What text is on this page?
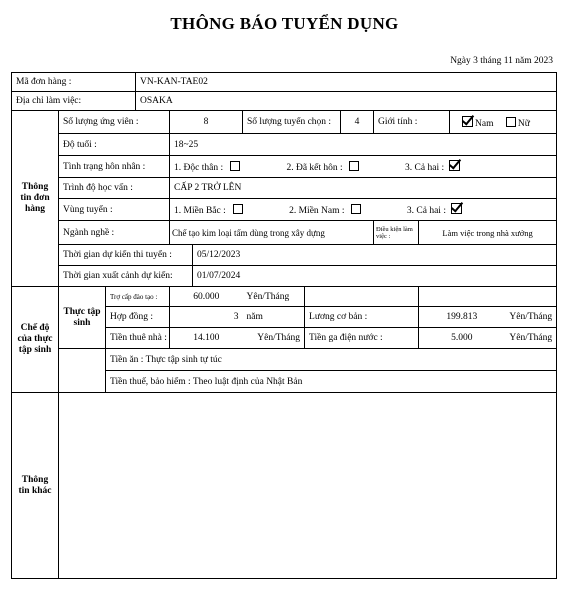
THÔNG BÁO TUYỂN DỤNG
Ngày 3 tháng 11 năm 2023
Mã đơn hàng :			VN-KAN-TAE02									
Địa chỉ làm việc:			OSAKA									
Thông tin đơn hàng	Số lượng ứng viên :			8		Số lượng tuyển chọn :		4	Giới tính :		Nam Nữ	
	Độ tuổi :			18~25								
	Tình trạng hôn nhân :			1. Độc thân : 2. Đã kết hôn : 3. Cả hai :								
	Trình độ học vấn :			CẤP 2 TRỞ LÊN								
	Vùng tuyển :			1. Miền Bắc : 2. Miền Nam : 3. Cả hai :								
	Ngành nghề :			Chế tạo kim loại tấm dùng trong xây dựng					Điều kiện làm việc :	Làm việc trong nhà xưởng		
	Thời gian dự kiến thi tuyển :				05/12/2023							
	Thời gian xuất cảnh dự kiến:				01/07/2024							
Chế độ của thực tập sinh	Thực tập sinh	Trợ cấp đào tạo :		60.000		Yên/Tháng						
		Hợp đồng :		3		năm	Lương cơ bản :			199.813		Yên/Tháng
		Tiền thuê nhà :		14.100		Yên/Tháng	Tiền ga điện nước :			5.000		Yên/Tháng
		Tiền ăn : Thực tập sinh tự túc										
		Tiền thuế, bảo hiểm : Theo luật định của Nhật Bản										
Thông tin khác												
